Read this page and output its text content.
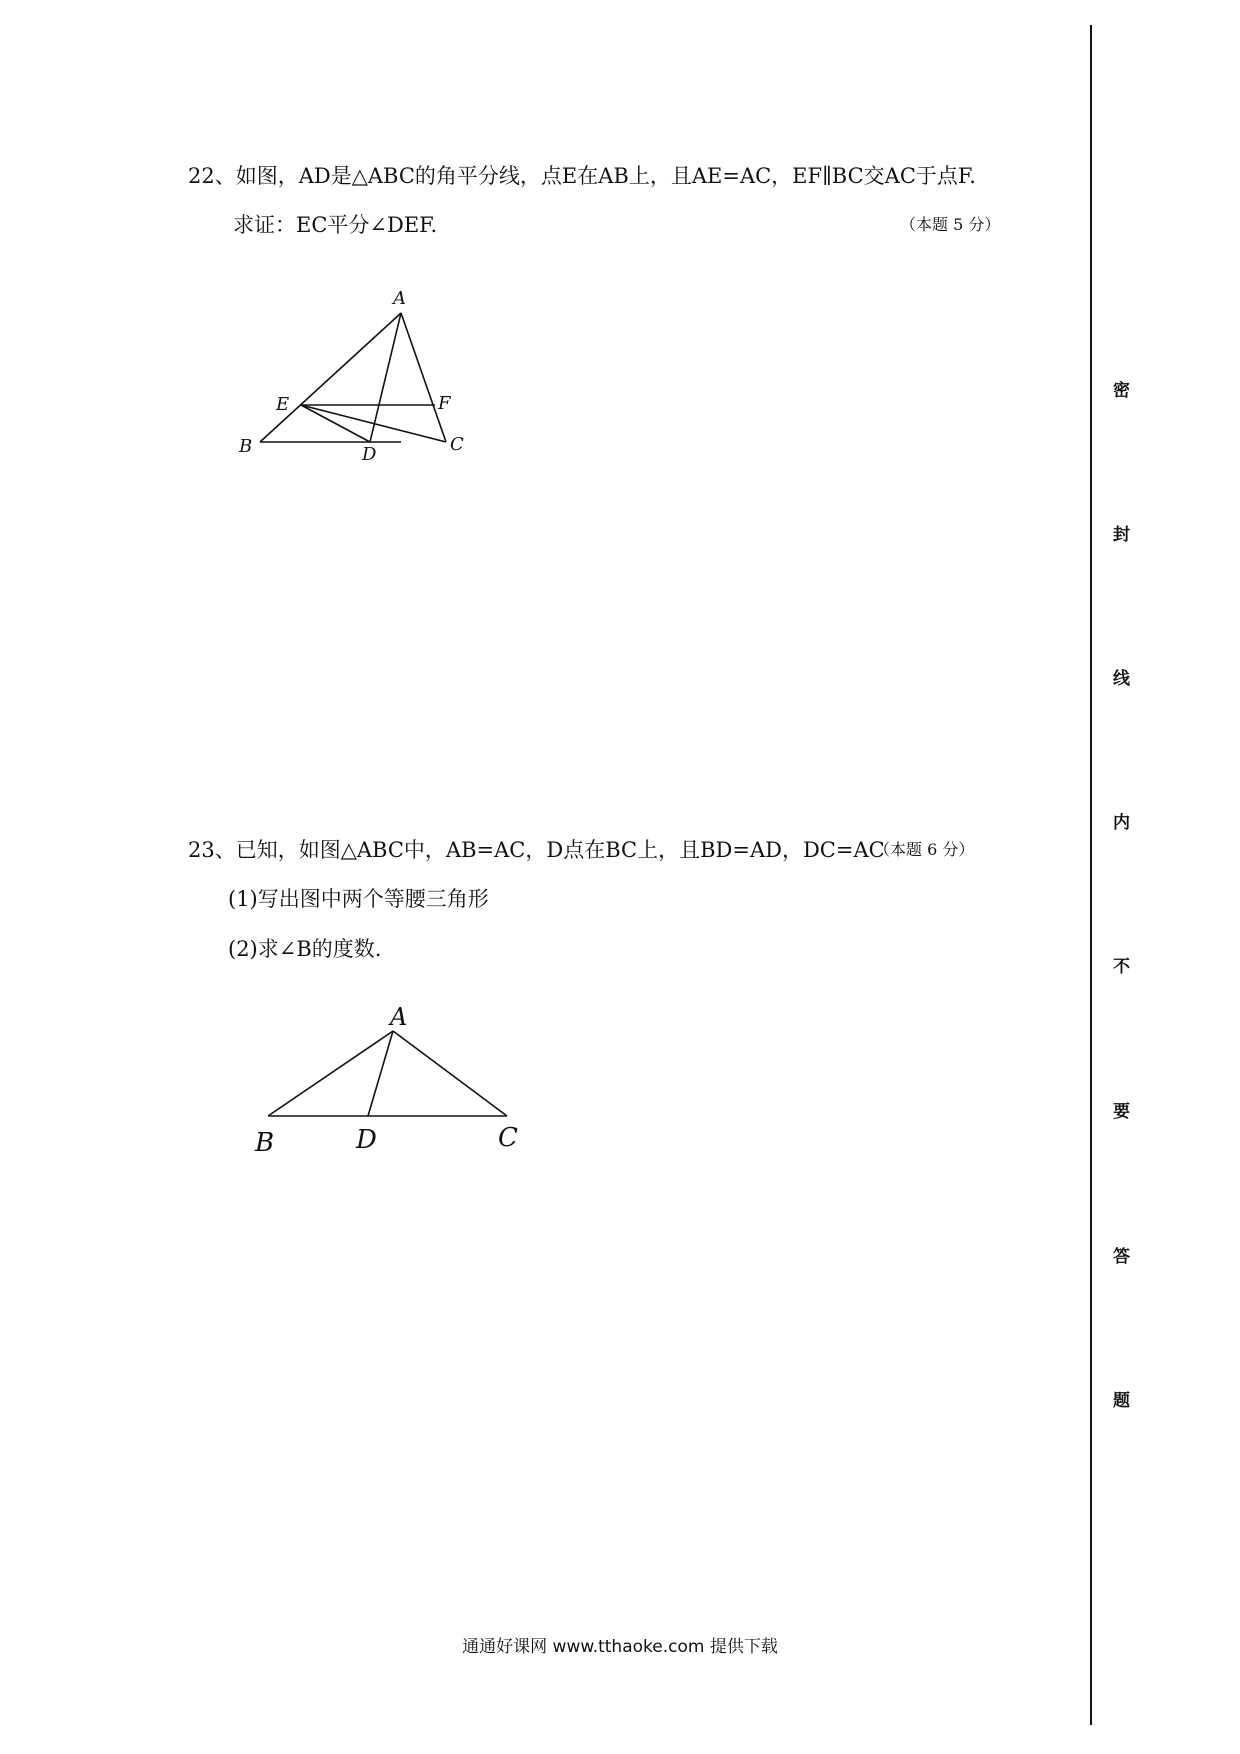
22、如图，AD是△ABC的角平分线，点E在AB上，且AE=AC，EF∥BC交AC于点F.
求证：EC平分∠DEF.	（本题 5 分）
A
E	F
B	D	C
23、已知，如图△ABC中，AB=AC，D点在BC上，且BD=AD，DC=AC
（本题 6 分）
(1)写出图中两个等腰三角形
(2)求∠B的度数.
A
B	D	C
密
封
线
内
不
要
答
题
通通好课网 www.tthaoke.com 提供下载
